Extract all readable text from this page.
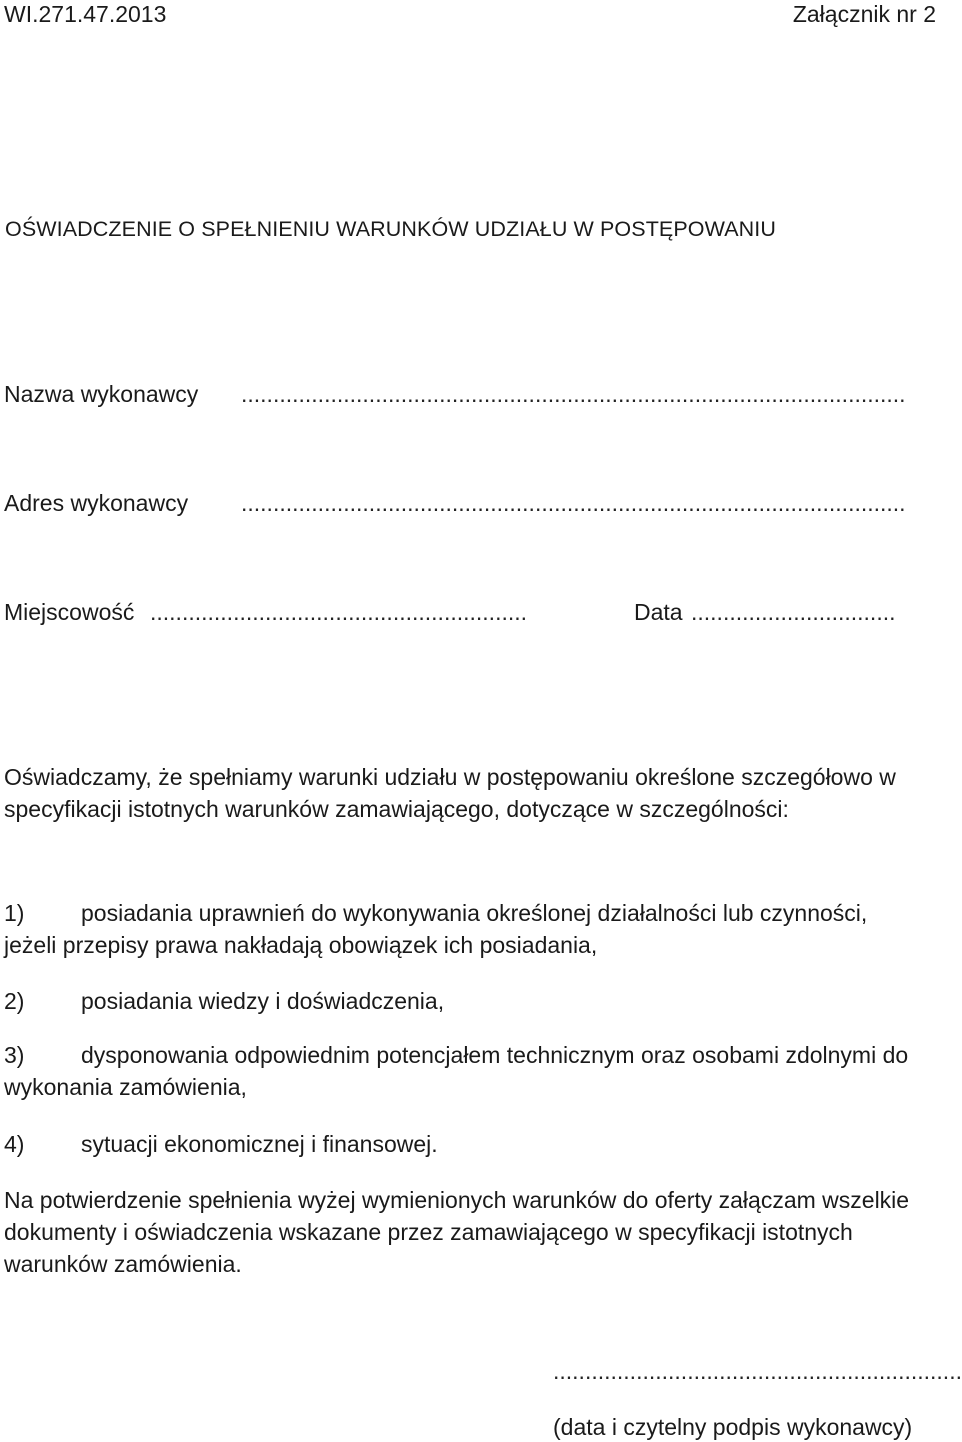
WI.271.47.2013	Załącznik nr 2
OŚWIADCZENIE O SPEŁNIENIU WARUNKÓW UDZIAŁU W POSTĘPOWANIU
Nazwa wykonawcy ........................................................................................................
Adres wykonawcy ........................................................................................................
Miejscowość ...........................................................	Data ................................
Oświadczamy, że spełniamy warunki udziału w postępowaniu określone szczegółowo w specyfikacji istotnych warunków zamawiającego, dotyczące w szczególności:
1) posiadania uprawnień do wykonywania określonej działalności lub czynności,
jeżeli przepisy prawa nakładają obowiązek ich posiadania,
2) posiadania wiedzy i doświadczenia,
3) dysponowania odpowiednim potencjałem technicznym oraz osobami zdolnymi do
wykonania zamówienia,
4) sytuacji ekonomicznej i finansowej.
Na potwierdzenie spełnienia wyżej wymienionych warunków do oferty załączam wszelkie dokumenty i oświadczenia wskazane przez zamawiającego w specyfikacji istotnych warunków zamówienia.
................................................................
(data i czytelny podpis wykonawcy)
